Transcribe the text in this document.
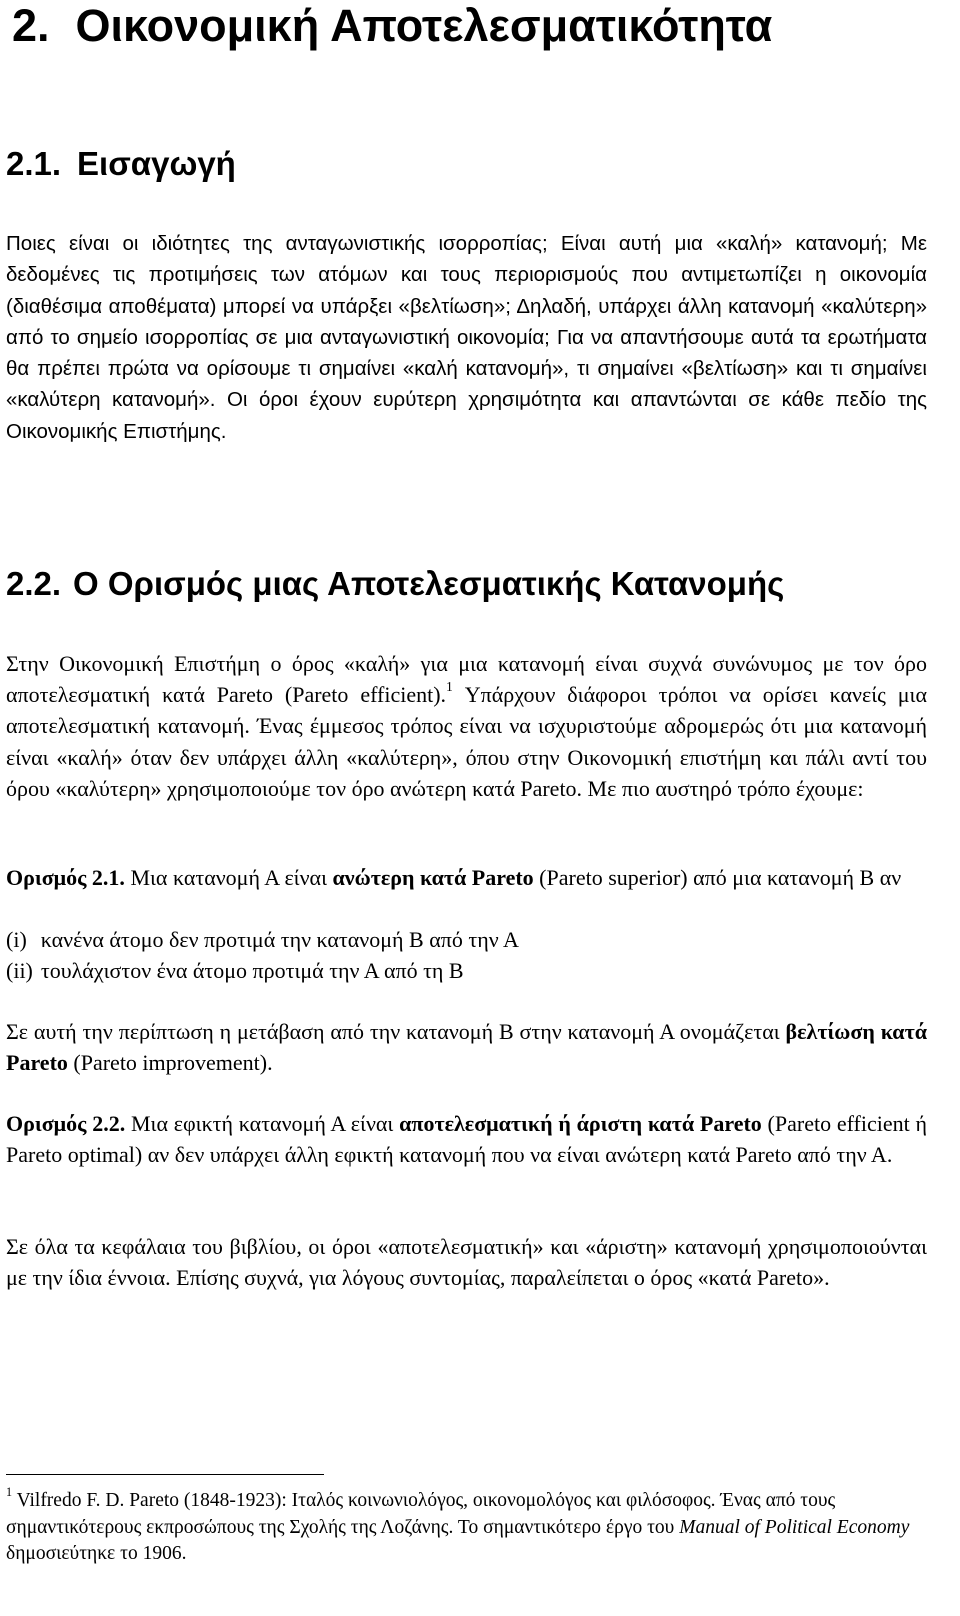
2. Οικονομική Αποτελεσματικότητα
2.1. Εισαγωγή

Ποιες είναι οι ιδιότητες της ανταγωνιστικής ισορροπίας; Είναι αυτή μια «καλή» κατανομή; Με δεδομένες τις προτιμήσεις των ατόμων και τους περιορισμούς που αντιμετωπίζει η οικονομία (διαθέσιμα αποθέματα) μπορεί να υπάρξει «βελτίωση»; Δηλαδή, υπάρχει άλλη κατανομή «καλύτερη» από το σημείο ισορροπίας σε μια ανταγωνιστική οικονομία; Για να απαντήσουμε αυτά τα ερωτήματα θα πρέπει πρώτα να ορίσουμε τι σημαίνει «καλή κατανομή», τι σημαίνει «βελτίωση» και τι σημαίνει «καλύτερη κατανομή». Οι όροι έχουν ευρύτερη χρησιμότητα και απαντώνται σε κάθε πεδίο της Οικονομικής Επιστήμης.

2.2. Ο Ορισμός μιας Αποτελεσματικής Κατανομής

Στην Οικονομική Επιστήμη ο όρος «καλή» για μια κατανομή είναι συχνά συνώνυμος με τον όρο αποτελεσματική κατά Pareto (Pareto efficient).$^1$ Υπάρχουν διάφοροι τρόποι να ορίσει κανείς μια αποτελεσματική κατανομή. Ένας έμμεσος τρόπος είναι να ισχυριστούμε αδρομερώς ότι μια κατανομή είναι «καλή» όταν δεν υπάρχει άλλη «καλύτερη», όπου στην Οικονομική επιστήμη και πάλι αντί του όρου «καλύτερη» χρησιμοποιούμε τον όρο ανώτερη κατά Pareto. Με πιο αυστηρό τρόπο έχουμε:

Ορισμός 2.1. Μια κατανομή Α είναι ανώτερη κατά Pareto (Pareto superior) από μια κατανομή Β αν

(i) κανένα άτομο δεν προτιμά την κατανομή Β από την Α

(ii) τουλάχιστον ένα άτομο προτιμά την Α από τη Β

Σε αυτή την περίπτωση η μετάβαση από την κατανομή Β στην κατανομή Α ονομάζεται βελτίωση κατά Pareto (Pareto improvement).

Ορισμός 2.2. Μια εφικτή κατανομή Α είναι αποτελεσματική ή άριστη κατά Pareto (Pareto efficient ή Pareto optimal) αν δεν υπάρχει άλλη εφικτή κατανομή που να είναι ανώτερη κατά Pareto από την Α.

Σε όλα τα κεφάλαια του βιβλίου, οι όροι «αποτελεσματική» και «άριστη» κατανομή χρησιμοποιούνται με την ίδια έννοια. Επίσης συχνά, για λόγους συντομίας, παραλείπεται ο όρος «κατά Pareto».

$^1$ Vilfredo F. D. Pareto (1848-1923): Ιταλός κοινωνιολόγος, οικονομολόγος και φιλόσοφος. Ένας από τους σημαντικότερους εκπροσώπους της Σχολής της Λοζάνης. Το σημαντικότερο έργο του Manual of Political Economy δημοσιεύτηκε το 1906.
